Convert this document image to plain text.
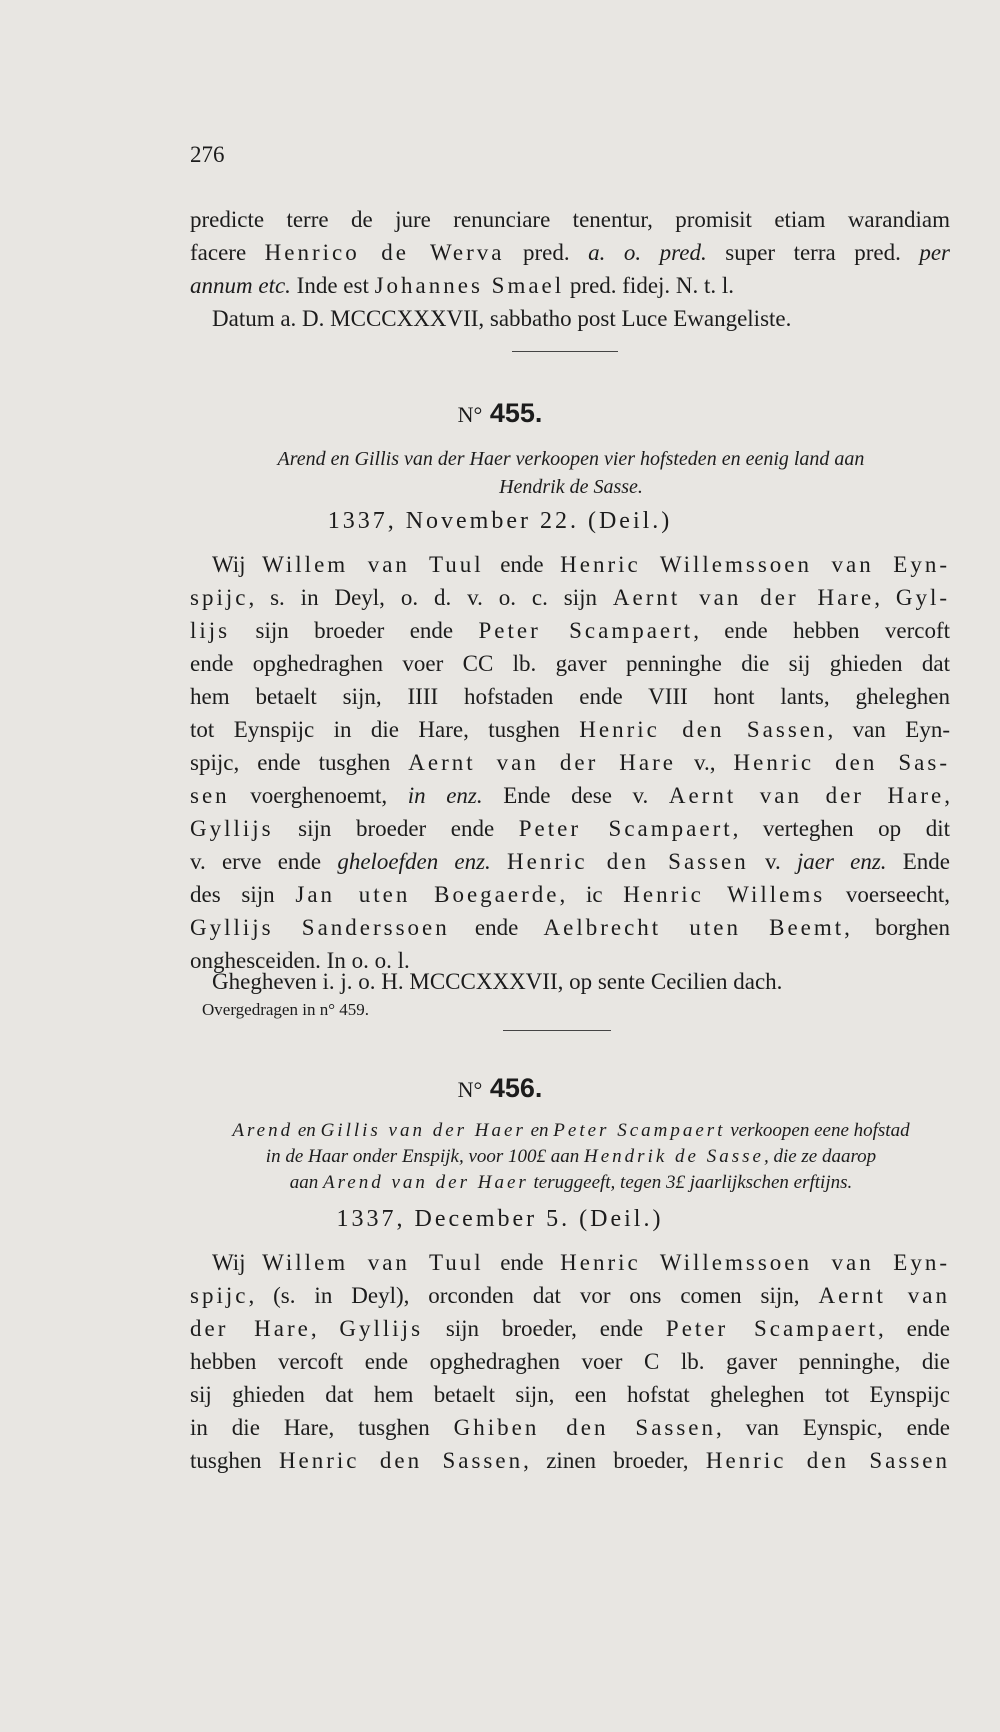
276
predicte terre de jure renunciare tenentur, promisit etiam warandiam
facere Henrico de Werva pred. a. o. pred. super terra pred. per
annum etc. Inde est Johannes Smael pred. fidej. N. t. l.
Datum a. D. MCCCXXXVII, sabbatho post Luce Ewangeliste.
N° 455.
Arend en Gillis van der Haer verkoopen vier hofsteden en eenig land aan
Hendrik de Sasse.
1337, November 22. (Deil.)
Wij Willem van Tuul ende Henric Willemssoen van Eyn-
spijc, s. in Deyl, o. d. v. o. c. sijn Aernt van der Hare, Gyl-
lijs sijn broeder ende Peter Scampaert, ende hebben vercoft
ende opghedraghen voer CC lb. gaver penninghe die sij ghieden dat
hem betaelt sijn, IIII hofstaden ende VIII hont lants, gheleghen
tot Eynspijc in die Hare, tusghen Henric den Sassen, van Eyn-
spijc, ende tusghen Aernt van der Hare v., Henric den Sas-
sen voerghenoemt, in enz. Ende dese v. Aernt van der Hare,
Gyllijs sijn broeder ende Peter Scampaert, verteghen op dit
v. erve ende gheloefden enz. Henric den Sassen v. jaer enz. Ende
des sijn Jan uten Boegaerde, ic Henric Willems voerseecht,
Gyllijs Sanderssoen ende Aelbrecht uten Beemt, borghen
onghesceiden. In o. o. l.
Ghegheven i. j. o. H. MCCCXXXVII, op sente Cecilien dach.
Overgedragen in n° 459.
N° 456.
Arend en Gillis van der Haer en Peter Scampaert verkoopen eene hofstad
in de Haar onder Enspijk, voor 100£ aan Hendrik de Sasse, die ze daarop
aan Arend van der Haer teruggeeft, tegen 3£ jaarlijkschen erftijns.
1337, December 5. (Deil.)
Wij Willem van Tuul ende Henric Willemssoen van Eyn-
spijc, (s. in Deyl), orconden dat vor ons comen sijn, Aernt van
der Hare, Gyllijs sijn broeder, ende Peter Scampaert, ende
hebben vercoft ende opghedraghen voer C lb. gaver penninghe, die
sij ghieden dat hem betaelt sijn, een hofstat gheleghen tot Eynspijc
in die Hare, tusghen Ghiben den Sassen, van Eynspic, ende
tusghen Henric den Sassen, zinen broeder, Henric den Sassen
